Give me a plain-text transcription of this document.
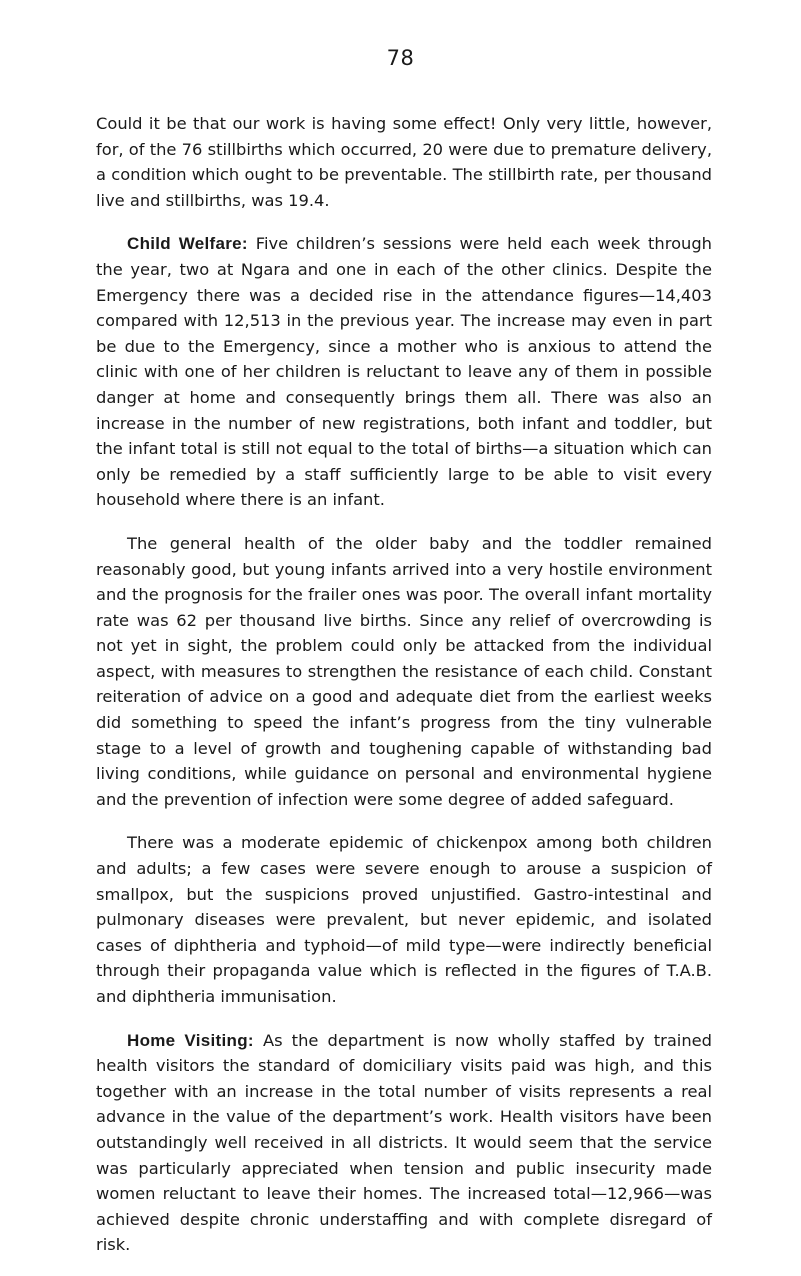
78

Could it be that our work is having some effect! Only very little, however, for, of the 76 stillbirths which occurred, 20 were due to premature delivery, a condition which ought to be preventable. The stillbirth rate, per thousand live and stillbirths, was 19.4.

Child Welfare: Five children’s sessions were held each week through the year, two at Ngara and one in each of the other clinics. Despite the Emergency there was a decided rise in the attendance figures—14,403 compared with 12,513 in the previous year. The increase may even in part be due to the Emergency, since a mother who is anxious to attend the clinic with one of her children is reluctant to leave any of them in possible danger at home and consequently brings them all. There was also an increase in the number of new registrations, both infant and toddler, but the infant total is still not equal to the total of births—a situation which can only be remedied by a staff sufficiently large to be able to visit every household where there is an infant.

The general health of the older baby and the toddler remained reasonably good, but young infants arrived into a very hostile environment and the prognosis for the frailer ones was poor. The overall infant mortality rate was 62 per thousand live births. Since any relief of overcrowding is not yet in sight, the problem could only be attacked from the individual aspect, with measures to strengthen the resistance of each child. Constant reiteration of advice on a good and adequate diet from the earliest weeks did something to speed the infant’s progress from the tiny vulnerable stage to a level of growth and toughening capable of withstanding bad living conditions, while guidance on personal and environmental hygiene and the prevention of infection were some degree of added safeguard.

There was a moderate epidemic of chickenpox among both children and adults; a few cases were severe enough to arouse a suspicion of smallpox, but the suspicions proved unjustified. Gastro-intestinal and pulmonary diseases were prevalent, but never epidemic, and isolated cases of diphtheria and typhoid—of mild type—were indirectly beneficial through their propaganda value which is reflected in the figures of T.A.B. and diphtheria immunisation.

Home Visiting: As the department is now wholly staffed by trained health visitors the standard of domiciliary visits paid was high, and this together with an increase in the total number of visits represents a real advance in the value of the department’s work. Health visitors have been outstandingly well received in all districts. It would seem that the service was particularly appreciated when tension and public insecurity made women reluctant to leave their homes. The increased total—12,966—was achieved despite chronic understaffing and with complete disregard of risk.
